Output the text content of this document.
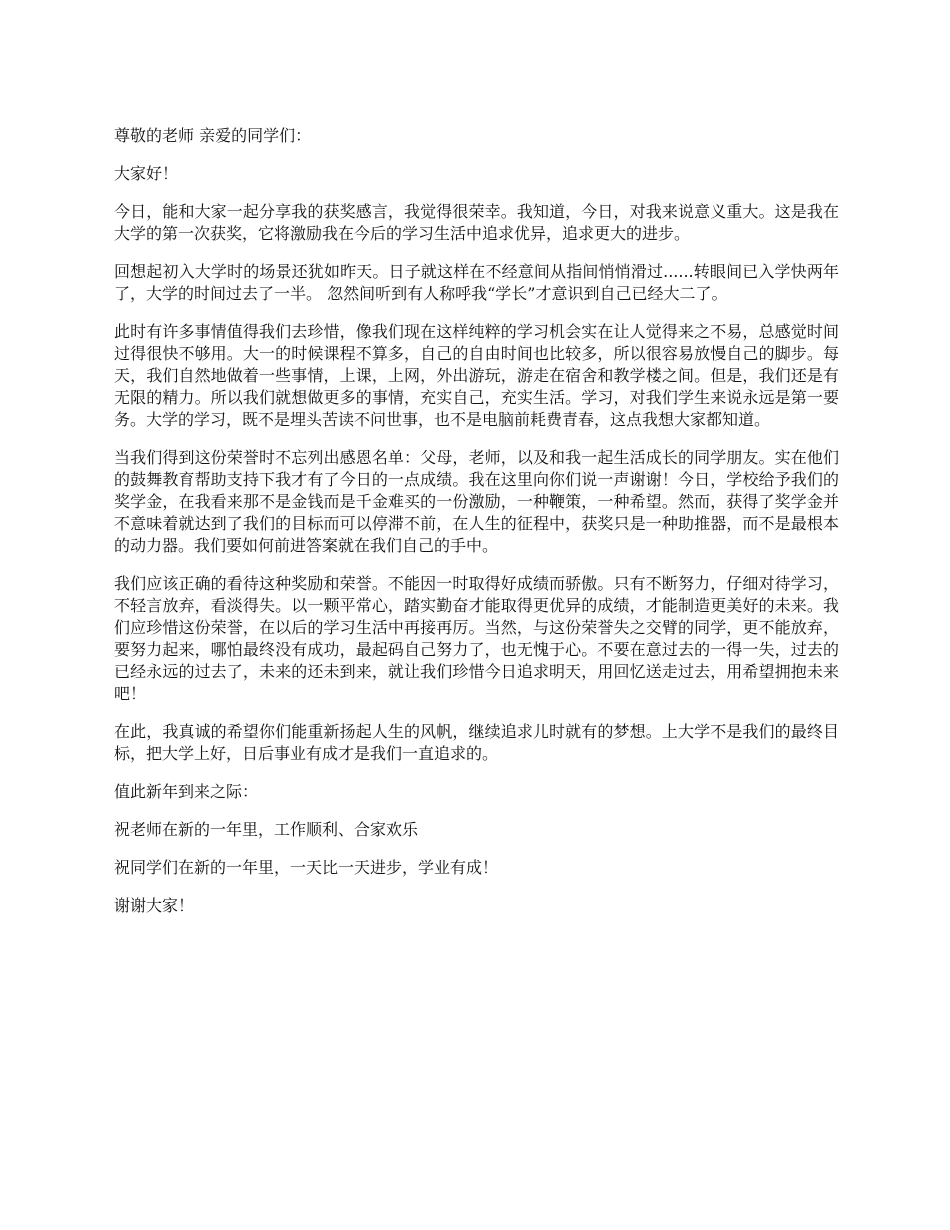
尊敬的老师 亲爱的同学们：

大家好！

今日，能和大家一起分享我的获奖感言，我觉得很荣幸。我知道，今日，对我来说意义重大。这是我在大学的第一次获奖，它将激励我在今后的学习生活中追求优异，追求更大的进步。

回想起初入大学时的场景还犹如昨天。日子就这样在不经意间从指间悄悄滑过......转眼间已入学快两年了，大学的时间过去了一半。 忽然间听到有人称呼我“学长”才意识到自己已经大二了。

此时有许多事情值得我们去珍惜，像我们现在这样纯粹的学习机会实在让人觉得来之不易，总感觉时间过得很快不够用。大一的时候课程不算多，自己的自由时间也比较多，所以很容易放慢自己的脚步。每天，我们自然地做着一些事情，上课，上网，外出游玩，游走在宿舍和教学楼之间。但是，我们还是有无限的精力。所以我们就想做更多的事情，充实自己，充实生活。学习，对我们学生来说永远是第一要务。大学的学习，既不是埋头苦读不问世事，也不是电脑前耗费青春，这点我想大家都知道。

当我们得到这份荣誉时不忘列出感恩名单：父母，老师，以及和我一起生活成长的同学朋友。实在他们的鼓舞教育帮助支持下我才有了今日的一点成绩。我在这里向你们说一声谢谢！今日，学校给予我们的奖学金，在我看来那不是金钱而是千金难买的一份激励，一种鞭策，一种希望。然而，获得了奖学金并不意味着就达到了我们的目标而可以停滞不前，在人生的征程中，获奖只是一种助推器，而不是最根本的动力器。我们要如何前进答案就在我们自己的手中。

我们应该正确的看待这种奖励和荣誉。不能因一时取得好成绩而骄傲。只有不断努力，仔细对待学习，不轻言放弃，看淡得失。以一颗平常心，踏实勤奋才能取得更优异的成绩，才能制造更美好的未来。我们应珍惜这份荣誉，在以后的学习生活中再接再厉。当然，与这份荣誉失之交臂的同学，更不能放弃，要努力起来，哪怕最终没有成功，最起码自己努力了，也无愧于心。不要在意过去的一得一失，过去的已经永远的过去了，未来的还未到来，就让我们珍惜今日追求明天，用回忆送走过去，用希望拥抱未来吧！

在此，我真诚的希望你们能重新扬起人生的风帆，继续追求儿时就有的梦想。上大学不是我们的最终目标，把大学上好，日后事业有成才是我们一直追求的。

值此新年到来之际：

祝老师在新的一年里，工作顺利、合家欢乐

祝同学们在新的一年里，一天比一天进步，学业有成！

谢谢大家！
